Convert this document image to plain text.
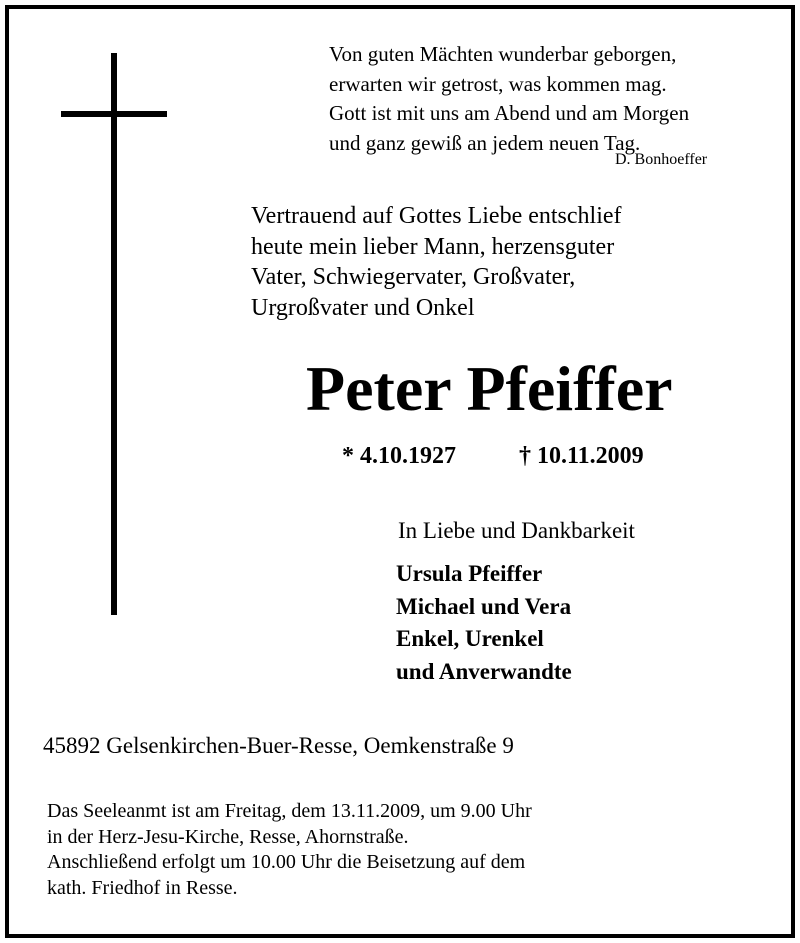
Von guten Mächten wunderbar geborgen,
erwarten wir getrost, was kommen mag.
Gott ist mit uns am Abend und am Morgen
und ganz gewiß an jedem neuen Tag.
D. Bonhoeffer
Vertrauend auf Gottes Liebe entschlief
heute mein lieber Mann, herzensguter
Vater, Schwiegervater, Großvater,
Urgroßvater und Onkel
Peter Pfeiffer
* 4.10.1927	† 10.11.2009
In Liebe und Dankbarkeit
Ursula Pfeiffer
Michael und Vera
Enkel, Urenkel
und Anverwandte
45892 Gelsenkirchen-Buer-Resse, Oemkenstraße 9
Das Seeleanmt ist am Freitag, dem 13.11.2009, um 9.00 Uhr
in der Herz-Jesu-Kirche, Resse, Ahornstraße.
Anschließend erfolgt um 10.00 Uhr die Beisetzung auf dem
kath. Friedhof in Resse.
